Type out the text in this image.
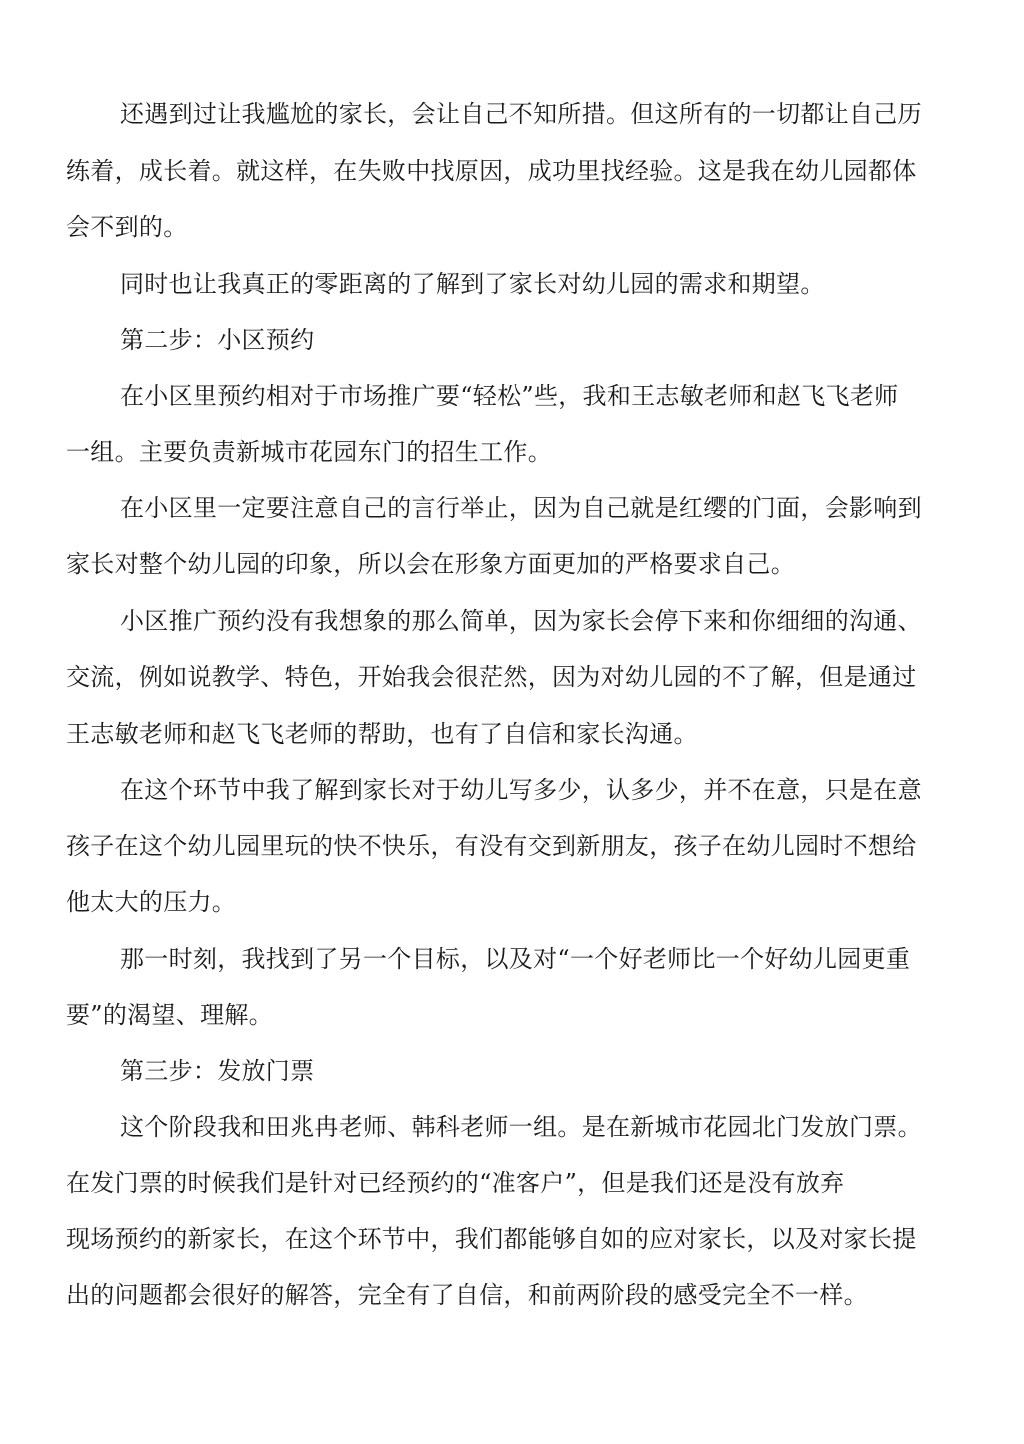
还遇到过让我尴尬的家长，会让自己不知所措。但这所有的一切都让自己历
练着，成长着。就这样，在失败中找原因，成功里找经验。这是我在幼儿园都体
会不到的。
同时也让我真正的零距离的了解到了家长对幼儿园的需求和期望。
第二步：小区预约
在小区里预约相对于市场推广要“轻松”些，我和王志敏老师和赵飞飞老师
一组。主要负责新城市花园东门的招生工作。
在小区里一定要注意自己的言行举止，因为自己就是红缨的门面，会影响到
家长对整个幼儿园的印象，所以会在形象方面更加的严格要求自己。
小区推广预约没有我想象的那么简单，因为家长会停下来和你细细的沟通、
交流，例如说教学、特色，开始我会很茫然，因为对幼儿园的不了解，但是通过
王志敏老师和赵飞飞老师的帮助，也有了自信和家长沟通。
在这个环节中我了解到家长对于幼儿写多少，认多少，并不在意，只是在意
孩子在这个幼儿园里玩的快不快乐，有没有交到新朋友，孩子在幼儿园时不想给
他太大的压力。
那一时刻，我找到了另一个目标，以及对“一个好老师比一个好幼儿园更重
要”的渴望、理解。
第三步：发放门票
这个阶段我和田兆冉老师、韩科老师一组。是在新城市花园北门发放门票。
在发门票的时候我们是针对已经预约的“准客户”，但是我们还是没有放弃
现场预约的新家长，在这个环节中，我们都能够自如的应对家长，以及对家长提
出的问题都会很好的解答，完全有了自信，和前两阶段的感受完全不一样。
